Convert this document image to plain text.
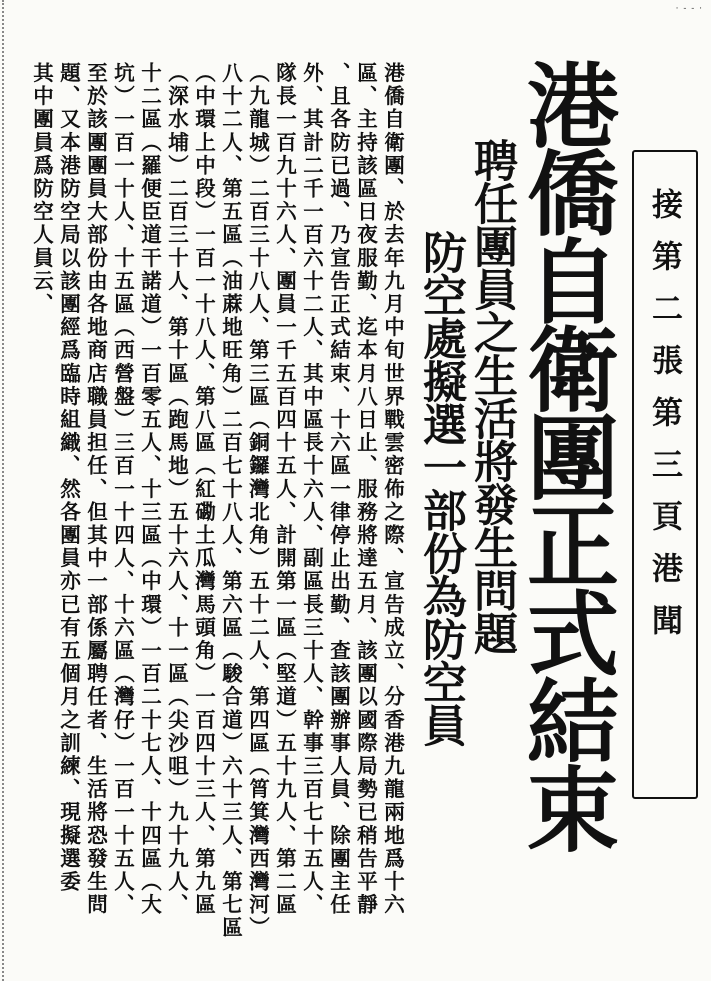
· ‑ ‑ ·
接第二張第三頁港聞
港僑自衛團正式結束
聘任團員之生活將發生問題
防空處擬選一部份為防空員
港僑自衛團、於去年九月中旬世界戰雲密佈之際、宣告成立、分香港九龍兩地爲十六
區、主持該區日夜服勤、迄本月八日止、服務將達五月、該團以國際局勢已稍告平靜
、且各防已過、乃宣告正式結束、十六區一律停止出勤、查該團辦事人員、除團主任
外、其計二千一百六十二人、其中區長十六人、副區長三十人、幹事三百七十五人、
隊長一百九十六人、團員一千五百四十五人、計開第一區（堅道）五十九人、第二區
（九龍城）二百三十八人、第三區（銅鑼灣北角）五十二人、第四區（筲箕灣西灣河）
八十二人、第五區（油蔴地旺角）二百七十八人、第六區（駿合道）六十三人、第七區
（中環上中段）一百一十八人、第八區（紅磡土瓜灣馬頭角）一百四十三人、第九區
（深水埔）二百三十人、第十區（跑馬地）五十六人、十一區（尖沙咀）九十九人、
十二區（羅便臣道干諾道）一百零五人、十三區（中環）一百二十七人、十四區（大
坑）一百一十人、十五區（西營盤）三百一十四人、十六區（灣仔）一百一十五人、
至於該團團員大部份由各地商店職員担任、但其中一部係屬聘任者、生活將恐發生問
題、又本港防空局以該團經爲臨時組織、然各團員亦已有五個月之訓練、現擬選委
其中團員爲防空人員云、
